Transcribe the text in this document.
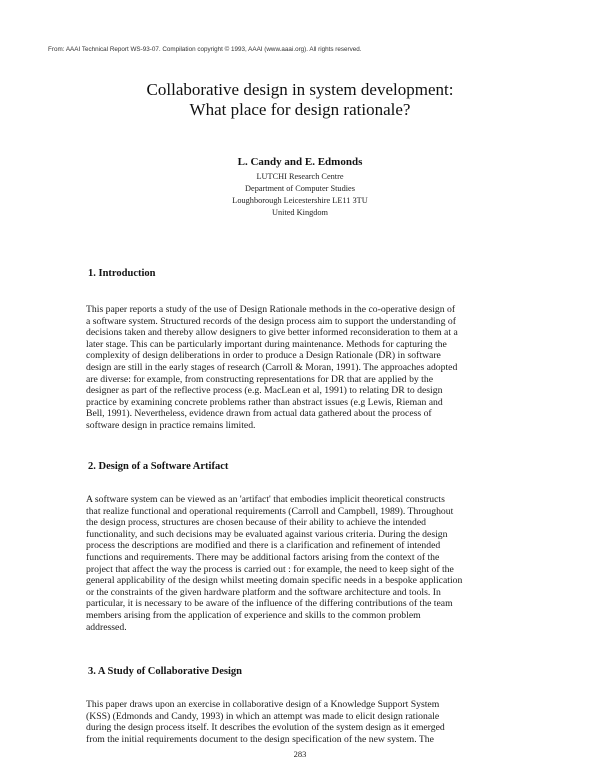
From: AAAI Technical Report WS-93-07. Compilation copyright © 1993, AAAI (www.aaai.org). All rights reserved.
Collaborative design in system development:
What place for design rationale?
L. Candy and E. Edmonds
LUTCHI Research Centre
Department of Computer Studies
Loughborough Leicestershire LE11 3TU
United Kingdom
1. Introduction
This paper reports a study of the use of Design Rationale methods in the co-operative design of
a software system. Structured records of the design process aim to support the understanding of
decisions taken and thereby allow designers to give better informed reconsideration to them at a
later stage. This can be particularly important during maintenance. Methods for capturing the
complexity of design deliberations in order to produce a Design Rationale (DR) in software
design are still in the early stages of research (Carroll & Moran, 1991). The approaches adopted
are diverse: for example, from constructing representations for DR that are applied by the
designer as part of the reflective process (e.g. MacLean et al, 1991) to relating DR to design
practice by examining concrete problems rather than abstract issues (e.g Lewis, Rieman and
Bell, 1991). Nevertheless, evidence drawn from actual data gathered about the process of
software design in practice remains limited.
2. Design of a Software Artifact
A software system can be viewed as an 'artifact' that embodies implicit theoretical constructs
that realize functional and operational requirements (Carroll and Campbell, 1989). Throughout
the design process, structures are chosen because of their ability to achieve the intended
functionality, and such decisions may be evaluated against various criteria. During the design
process the descriptions are modified and there is a clarification and refinement of intended
functions and requirements. There may be additional factors arising from the context of the
project that affect the way the process is carried out : for example, the need to keep sight of the
general applicability of the design whilst meeting domain specific needs in a bespoke application
or the constraints of the given hardware platform and the software architecture and tools. In
particular, it is necessary to be aware of the influence of the differing contributions of the team
members arising from the application of experience and skills to the common problem
addressed.
3. A Study of Collaborative Design
This paper draws upon an exercise in collaborative design of a Knowledge Support System
(KSS) (Edmonds and Candy, 1993) in which an attempt was made to elicit design rationale
during the design process itself. It describes the evolution of the system design as it emerged
from the initial requirements document to the design specification of the new system. The
283
